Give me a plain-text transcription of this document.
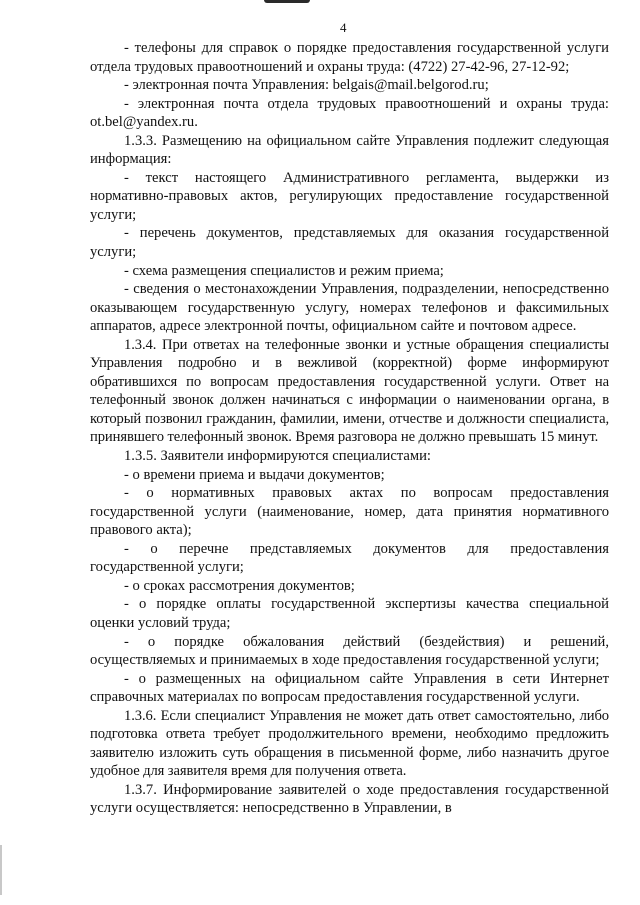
4

- телефоны для справок о порядке предоставления государственной услуги отдела трудовых правоотношений и охраны труда: (4722) 27-42-96, 27-12-92;

- электронная почта Управления: belgais@mail.belgorod.ru;

- электронная почта отдела трудовых правоотношений и охраны труда: ot.bel@yandex.ru.

1.3.3. Размещению на официальном сайте Управления подлежит следующая информация:

- текст настоящего Административного регламента, выдержки из нормативно-правовых актов, регулирующих предоставление государственной услуги;

- перечень документов, представляемых для оказания государственной услуги;

- схема размещения специалистов и режим приема;

- сведения о местонахождении Управления, подразделении, непосредственно оказывающем государственную услугу, номерах телефонов и факсимильных аппаратов, адресе электронной почты, официальном сайте и почтовом адресе.

1.3.4. При ответах на телефонные звонки и устные обращения специалисты Управления подробно и в вежливой (корректной) форме информируют обратившихся по вопросам предоставления государственной услуги. Ответ на телефонный звонок должен начинаться с информации о наименовании органа, в который позвонил гражданин, фамилии, имени, отчестве и должности специалиста, принявшего телефонный звонок. Время разговора не должно превышать 15 минут.

1.3.5. Заявители информируются специалистами:

- о времени приема и выдачи документов;

- о нормативных правовых актах по вопросам предоставления государственной услуги (наименование, номер, дата принятия нормативного правового акта);

- о перечне представляемых документов для предоставления государственной услуги;

- о сроках рассмотрения документов;

- о порядке оплаты государственной экспертизы качества специальной оценки условий труда;

- о порядке обжалования действий (бездействия) и решений, осуществляемых и принимаемых в ходе предоставления государственной услуги;

- о размещенных на официальном сайте Управления в сети Интернет справочных материалах по вопросам предоставления государственной услуги.

1.3.6. Если специалист Управления не может дать ответ самостоятельно, либо подготовка ответа требует продолжительного времени, необходимо предложить заявителю изложить суть обращения в письменной форме, либо назначить другое удобное для заявителя время для получения ответа.

1.3.7. Информирование заявителей о ходе предоставления государственной услуги осуществляется: непосредственно в Управлении, в
